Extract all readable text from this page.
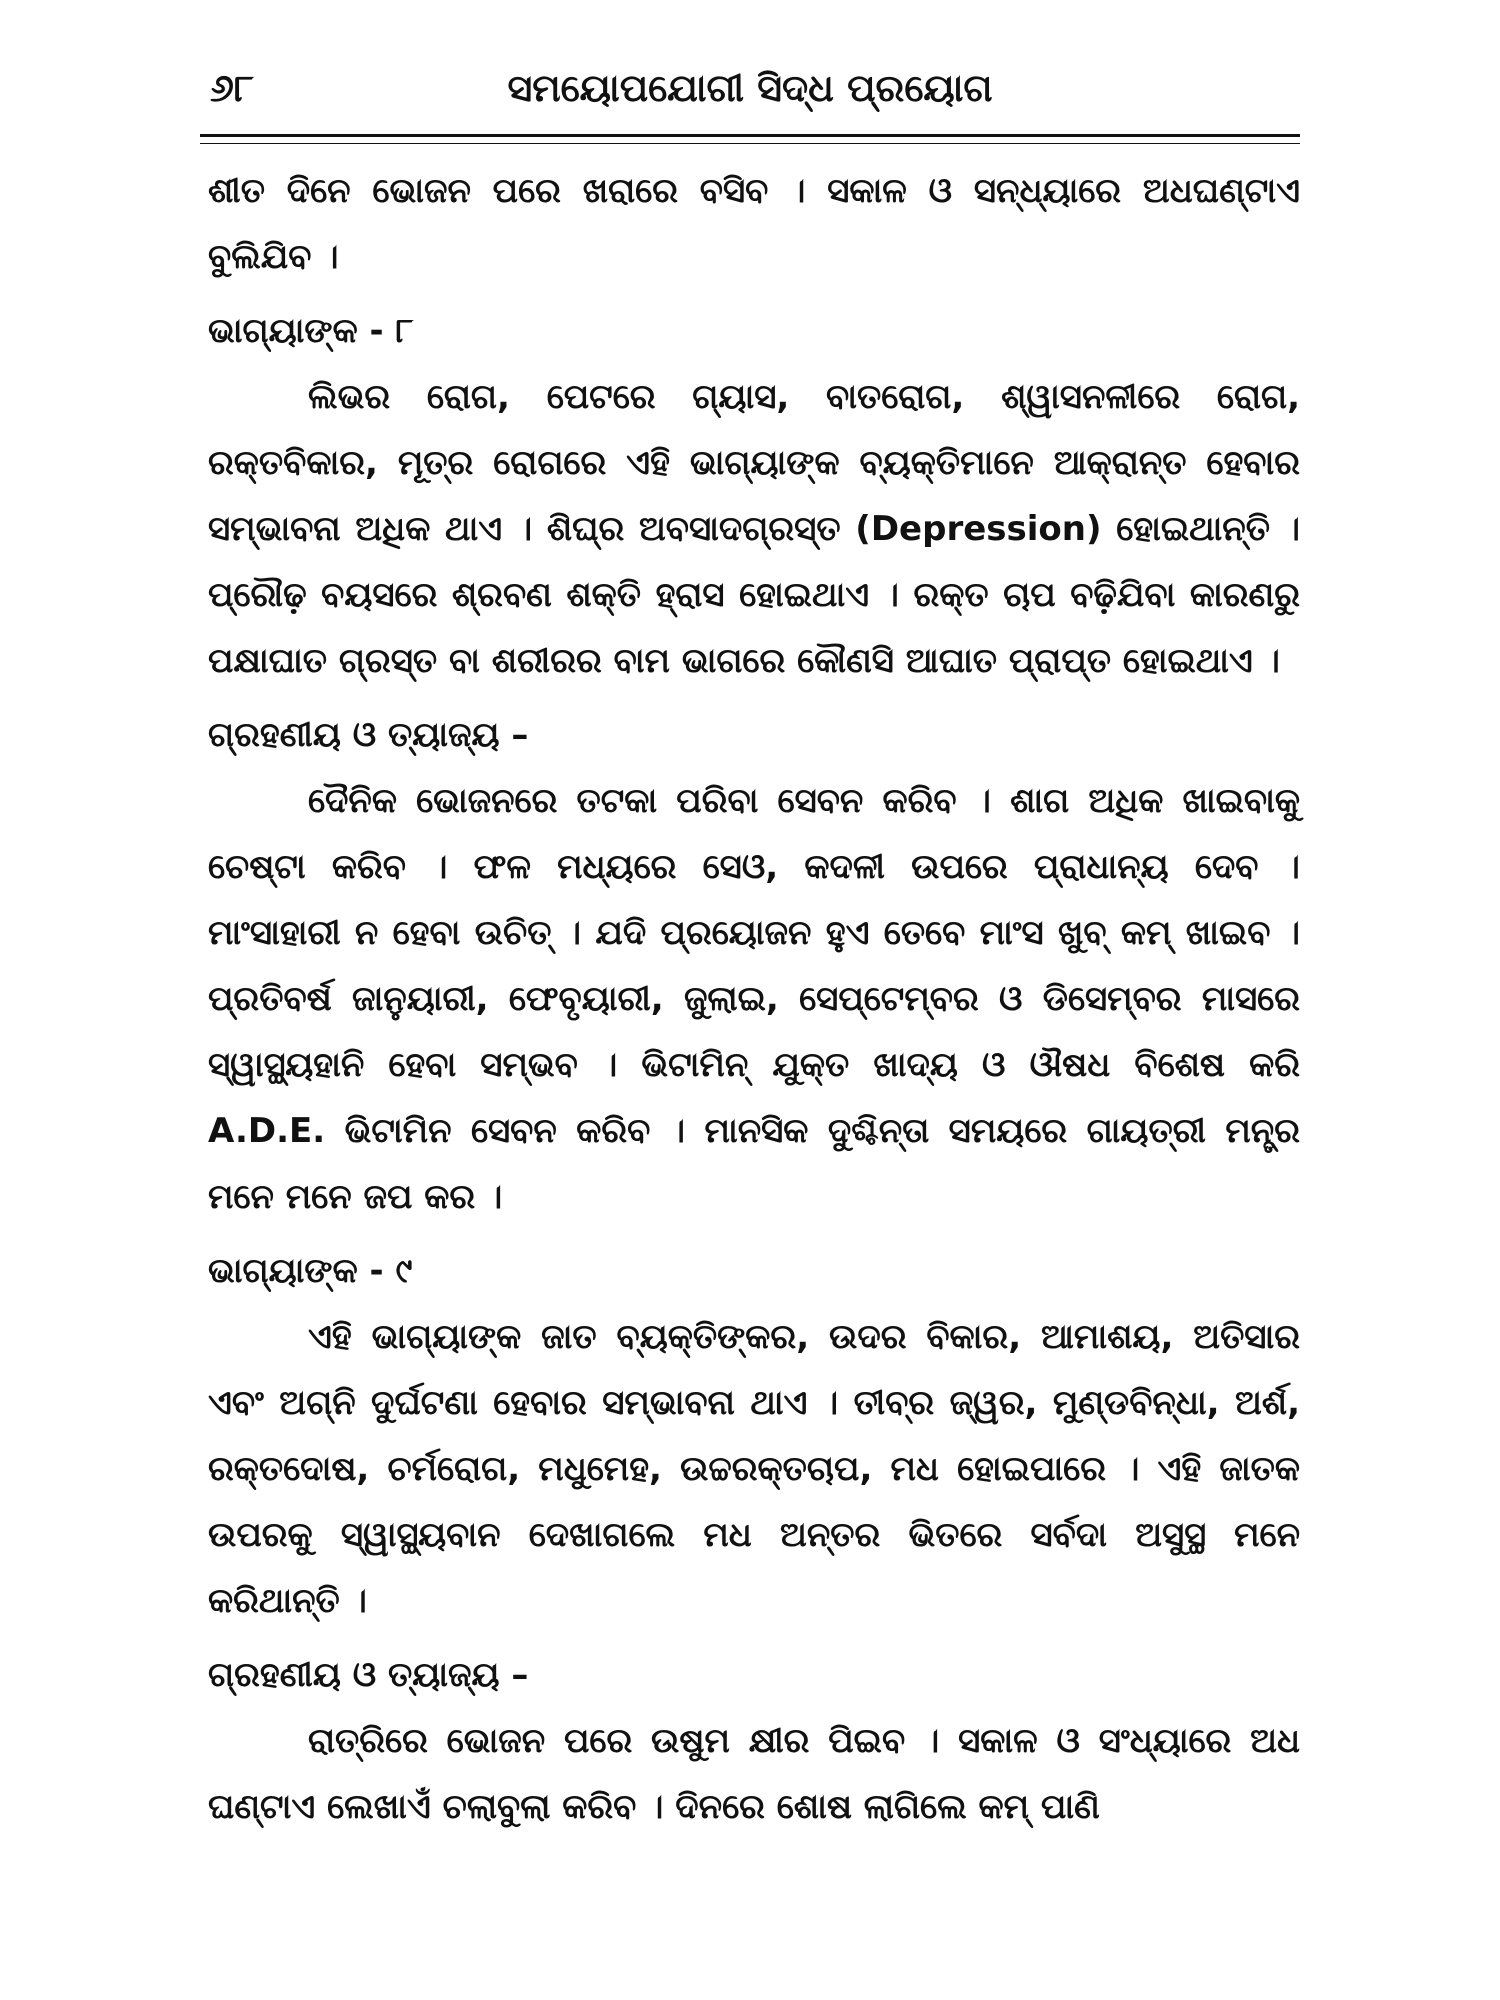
୬୮	ସମୟୋପଯୋଗୀ ସିଦ୍ଧ ପ୍ରୟୋଗ

ଶୀତ ଦିନେ ଭୋଜନ ପରେ ଖରାରେ ବସିବ । ସକାଳ ଓ ସନ୍ଧ୍ୟାରେ ଅଧଘଣ୍ଟାଏ ବୁଲିଯିବ ।

ଭାଗ୍ୟାଙ୍କ - ୮

ଲିଭର ରୋଗ, ପେଟରେ ଗ୍ୟାସ, ବାତରୋଗ, ଶ୍ୱାସନଳୀରେ ରୋଗ, ରକ୍ତବିକାର, ମୂତ୍ର ରୋଗରେ ଏହି ଭାଗ୍ୟାଙ୍କ ବ୍ୟକ୍ତିମାନେ ଆକ୍ରାନ୍ତ ହେବାର ସମ୍ଭାବନା ଅଧିକ ଥାଏ । ଶିଘ୍ର ଅବସାଦଗ୍ରସ୍ତ (Depression) ହୋଇଥାନ୍ତି । ପ୍ରୌଢ଼ ବୟସରେ ଶ୍ରବଣ ଶକ୍ତି ହ୍ରାସ ହୋଇଥାଏ । ରକ୍ତ ଚାପ ବଢ଼ିଯିବା କାରଣରୁ ପକ୍ଷାଘାତ ଗ୍ରସ୍ତ ବା ଶରୀରର ବାମ ଭାଗରେ କୌଣସି ଆଘାତ ପ୍ରାପ୍ତ ହୋଇଥାଏ ।

ଗ୍ରହଣୀୟ ଓ ତ୍ୟାଜ୍ୟ –

ଦୈନିକ ଭୋଜନରେ ତଟକା ପରିବା ସେବନ କରିବ । ଶାଗ ଅଧିକ ଖାଇବାକୁ ଚେଷ୍ଟା କରିବ । ଫଳ ମଧ୍ୟରେ ସେଓ, କଦଳୀ ଉପରେ ପ୍ରାଧାନ୍ୟ ଦେବ । ମାଂସାହାରୀ ନ ହେବା ଉଚିତ୍ । ଯଦି ପ୍ରୟୋଜନ ହୁଏ ତେବେ ମାଂସ ଖୁବ୍ କମ୍ ଖାଇବ । ପ୍ରତିବର୍ଷ ଜାନୁୟାରୀ, ଫେବୃୟାରୀ, ଜୁଲାଇ, ସେପ୍ଟେମ୍ବର ଓ ଡିସେମ୍ବର ମାସରେ ସ୍ୱାସ୍ଥ୍ୟହାନି ହେବା ସମ୍ଭବ । ଭିଟାମିନ୍ ଯୁକ୍ତ ଖାଦ୍ୟ ଓ ଔଷଧ ବିଶେଷ କରି A.D.E. ଭିଟାମିନ ସେବନ କରିବ । ମାନସିକ ଦୁଶ୍ଚିନ୍ତା ସମୟରେ ଗାୟତ୍ରୀ ମନ୍ତ୍ର ମନେ ମନେ ଜପ କର ।

ଭାଗ୍ୟାଙ୍କ - ୯

ଏହି ଭାଗ୍ୟାଙ୍କ ଜାତ ବ୍ୟକ୍ତିଙ୍କର, ଉଦର ବିକାର, ଆମାଶୟ, ଅତିସାର ଏବଂ ଅଗ୍ନି ଦୁର୍ଘଟଣା ହେବାର ସମ୍ଭାବନା ଥାଏ । ତୀବ୍ର ଜ୍ୱର, ମୁଣ୍ଡବିନ୍ଧା, ଅର୍ଶ, ରକ୍ତଦୋଷ, ଚର୍ମରୋଗ, ମଧୁମେହ, ଉଚ୍ଚରକ୍ତଚାପ, ମଧ ହୋଇପାରେ । ଏହି ଜାତକ ଉପରକୁ ସ୍ୱାସ୍ଥ୍ୟବାନ ଦେଖାଗଲେ ମଧ ଅନ୍ତର ଭିତରେ ସର୍ବଦା ଅସୁସ୍ଥ ମନେ କରିଥାନ୍ତି ।

ଗ୍ରହଣୀୟ ଓ ତ୍ୟାଜ୍ୟ –

ରାତ୍ରିରେ ଭୋଜନ ପରେ ଉଷୁମ କ୍ଷୀର ପିଇବ । ସକାଳ ଓ ସଂଧ୍ୟାରେ ଅଧ ଘଣ୍ଟାଏ ଲେଖାଏଁ ଚଲାବୁଲା କରିବ । ଦିନରେ ଶୋଷ ଲାଗିଲେ କମ୍ ପାଣି
